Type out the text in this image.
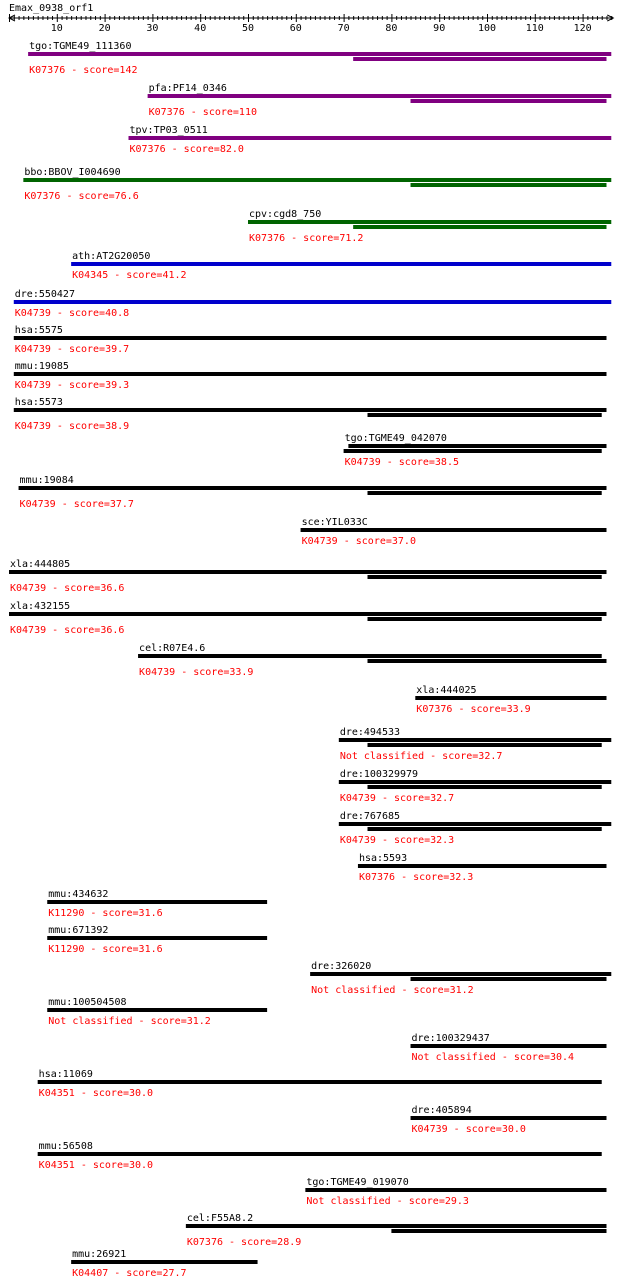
Emax_0938_orf1
10	20	30	40	50	60	70	80	90	100	110	120
tgo:TGME49_111360
K07376 - score=142
pfa:PF14_0346
K07376 - score=110
tpv:TP03_0511
K07376 - score=82.0
bbo:BBOV_I004690
K07376 - score=76.6
cpv:cgd8_750
K07376 - score=71.2
ath:AT2G20050
K04345 - score=41.2
dre:550427
K04739 - score=40.8
hsa:5575
K04739 - score=39.7
mmu:19085
K04739 - score=39.3
hsa:5573
K04739 - score=38.9
tgo:TGME49_042070
K04739 - score=38.5
mmu:19084
K04739 - score=37.7
sce:YIL033C
K04739 - score=37.0
xla:444805
K04739 - score=36.6
xla:432155
K04739 - score=36.6
cel:R07E4.6
K04739 - score=33.9
xla:444025
K07376 - score=33.9
dre:494533
Not classified - score=32.7
dre:100329979
K04739 - score=32.7
dre:767685
K04739 - score=32.3
hsa:5593
K07376 - score=32.3
mmu:434632
K11290 - score=31.6
mmu:671392
K11290 - score=31.6
dre:326020
Not classified - score=31.2
mmu:100504508
Not classified - score=31.2
dre:100329437
Not classified - score=30.4
hsa:11069
K04351 - score=30.0
dre:405894
K04739 - score=30.0
mmu:56508
K04351 - score=30.0
tgo:TGME49_019070
Not classified - score=29.3
cel:F55A8.2
K07376 - score=28.9
mmu:26921
K04407 - score=27.7
